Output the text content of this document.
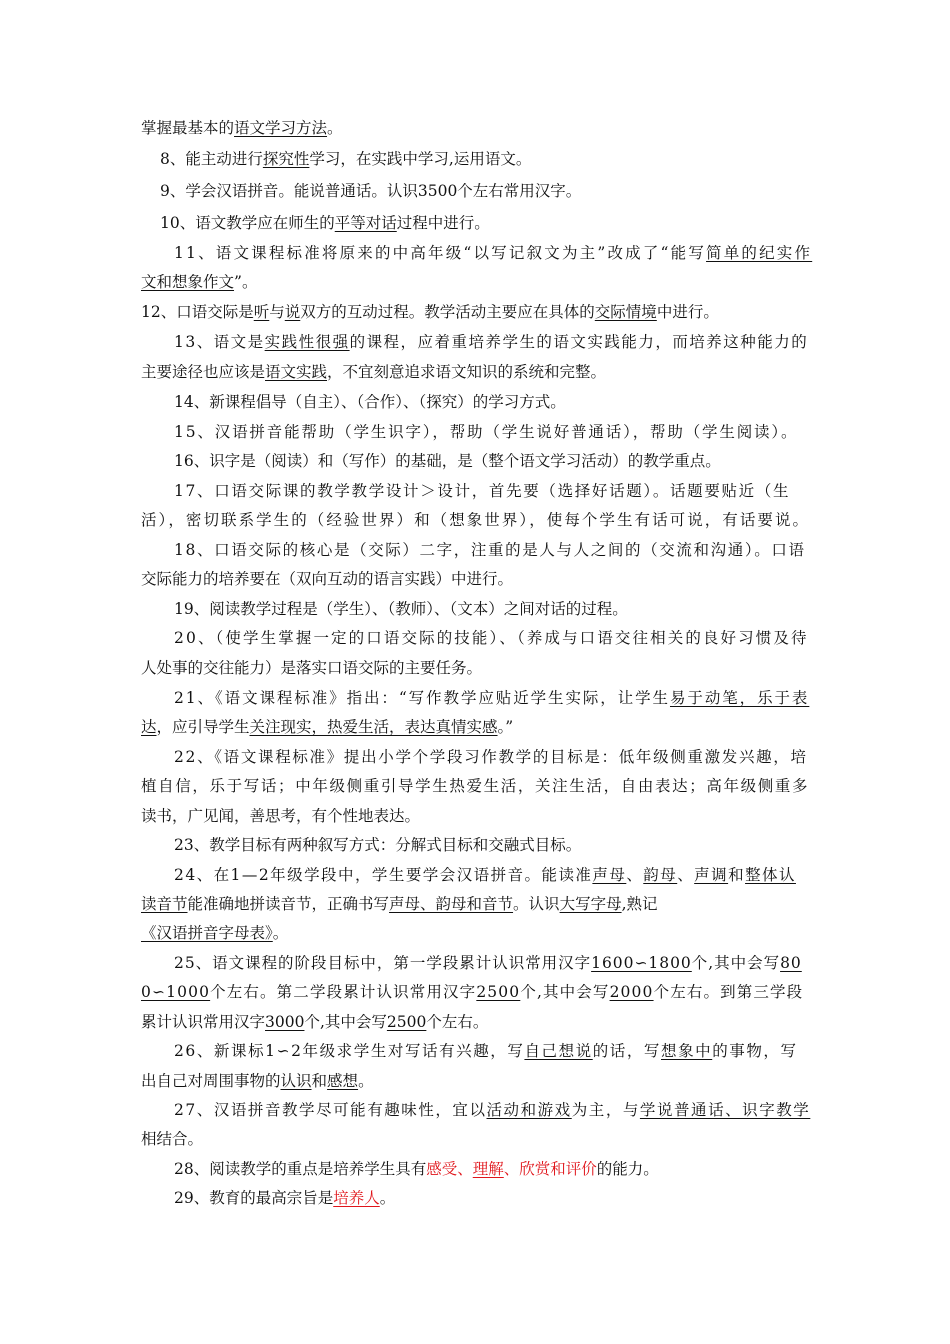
掌握最基本的语文学习方法。
8、能主动进行探究性学习，在实践中学习,运用语文。
9、学会汉语拼音。能说普通话。认识3500个左右常用汉字。
10、语文教学应在师生的平等对话过程中进行。
11、语文课程标准将原来的中高年级“以写记叙文为主”改成了“能写简单的纪实作
文和想象作文”。
12、口语交际是听与说双方的互动过程。教学活动主要应在具体的交际情境中进行。
13、语文是实践性很强的课程，应着重培养学生的语文实践能力，而培养这种能力的
主要途径也应该是语文实践，不宜刻意追求语文知识的系统和完整。
14、新课程倡导（自主）、（合作）、（探究）的学习方式。
15、汉语拼音能帮助（学生识字），帮助（学生说好普通话），帮助（学生阅读）。
16、识字是（阅读）和（写作）的基础，是（整个语文学习活动）的教学重点。
17、口语交际课的教学教学设计＞设计，首先要（选择好话题）。话题要贴近（生
活），密切联系学生的（经验世界）和（想象世界），使每个学生有话可说，有话要说。
18、口语交际的核心是（交际）二字，注重的是人与人之间的（交流和沟通）。口语
交际能力的培养要在（双向互动的语言实践）中进行。
19、阅读教学过程是（学生）、（教师）、（文本）之间对话的过程。
20、（使学生掌握一定的口语交际的技能）、（养成与口语交往相关的良好习惯及待
人处事的交往能力）是落实口语交际的主要任务。
21、《语文课程标准》指出：“写作教学应贴近学生实际，让学生易于动笔，乐于表
达，应引导学生关注现实，热爱生活，表达真情实感。”
22、《语文课程标准》提出小学个学段习作教学的目标是：低年级侧重激发兴趣，培
植自信，乐于写话；中年级侧重引导学生热爱生活，关注生活，自由表达；高年级侧重多
读书，广见闻，善思考，有个性地表达。
23、教学目标有两种叙写方式：分解式目标和交融式目标。
24、在1—2年级学段中，学生要学会汉语拼音。能读准声母、韵母、声调和整体认
读音节能准确地拼读音节，正确书写声母、韵母和音节。认识大写字母,熟记
《汉语拼音字母表》。
25、语文课程的阶段目标中，第一学段累计认识常用汉字1600∽1800个,其中会写80
0∽1000个左右。第二学段累计认识常用汉字2500个,其中会写2000个左右。到第三学段
累计认识常用汉字3000个,其中会写2500个左右。
26、新课标1∽2年级求学生对写话有兴趣，写自己想说的话，写想象中的事物，写
出自己对周围事物的认识和感想。
27、汉语拼音教学尽可能有趣味性，宜以活动和游戏为主，与学说普通话、识字教学
相结合。
28、阅读教学的重点是培养学生具有感受、理解、欣赏和评价的能力。
29、教育的最高宗旨是培养人。
